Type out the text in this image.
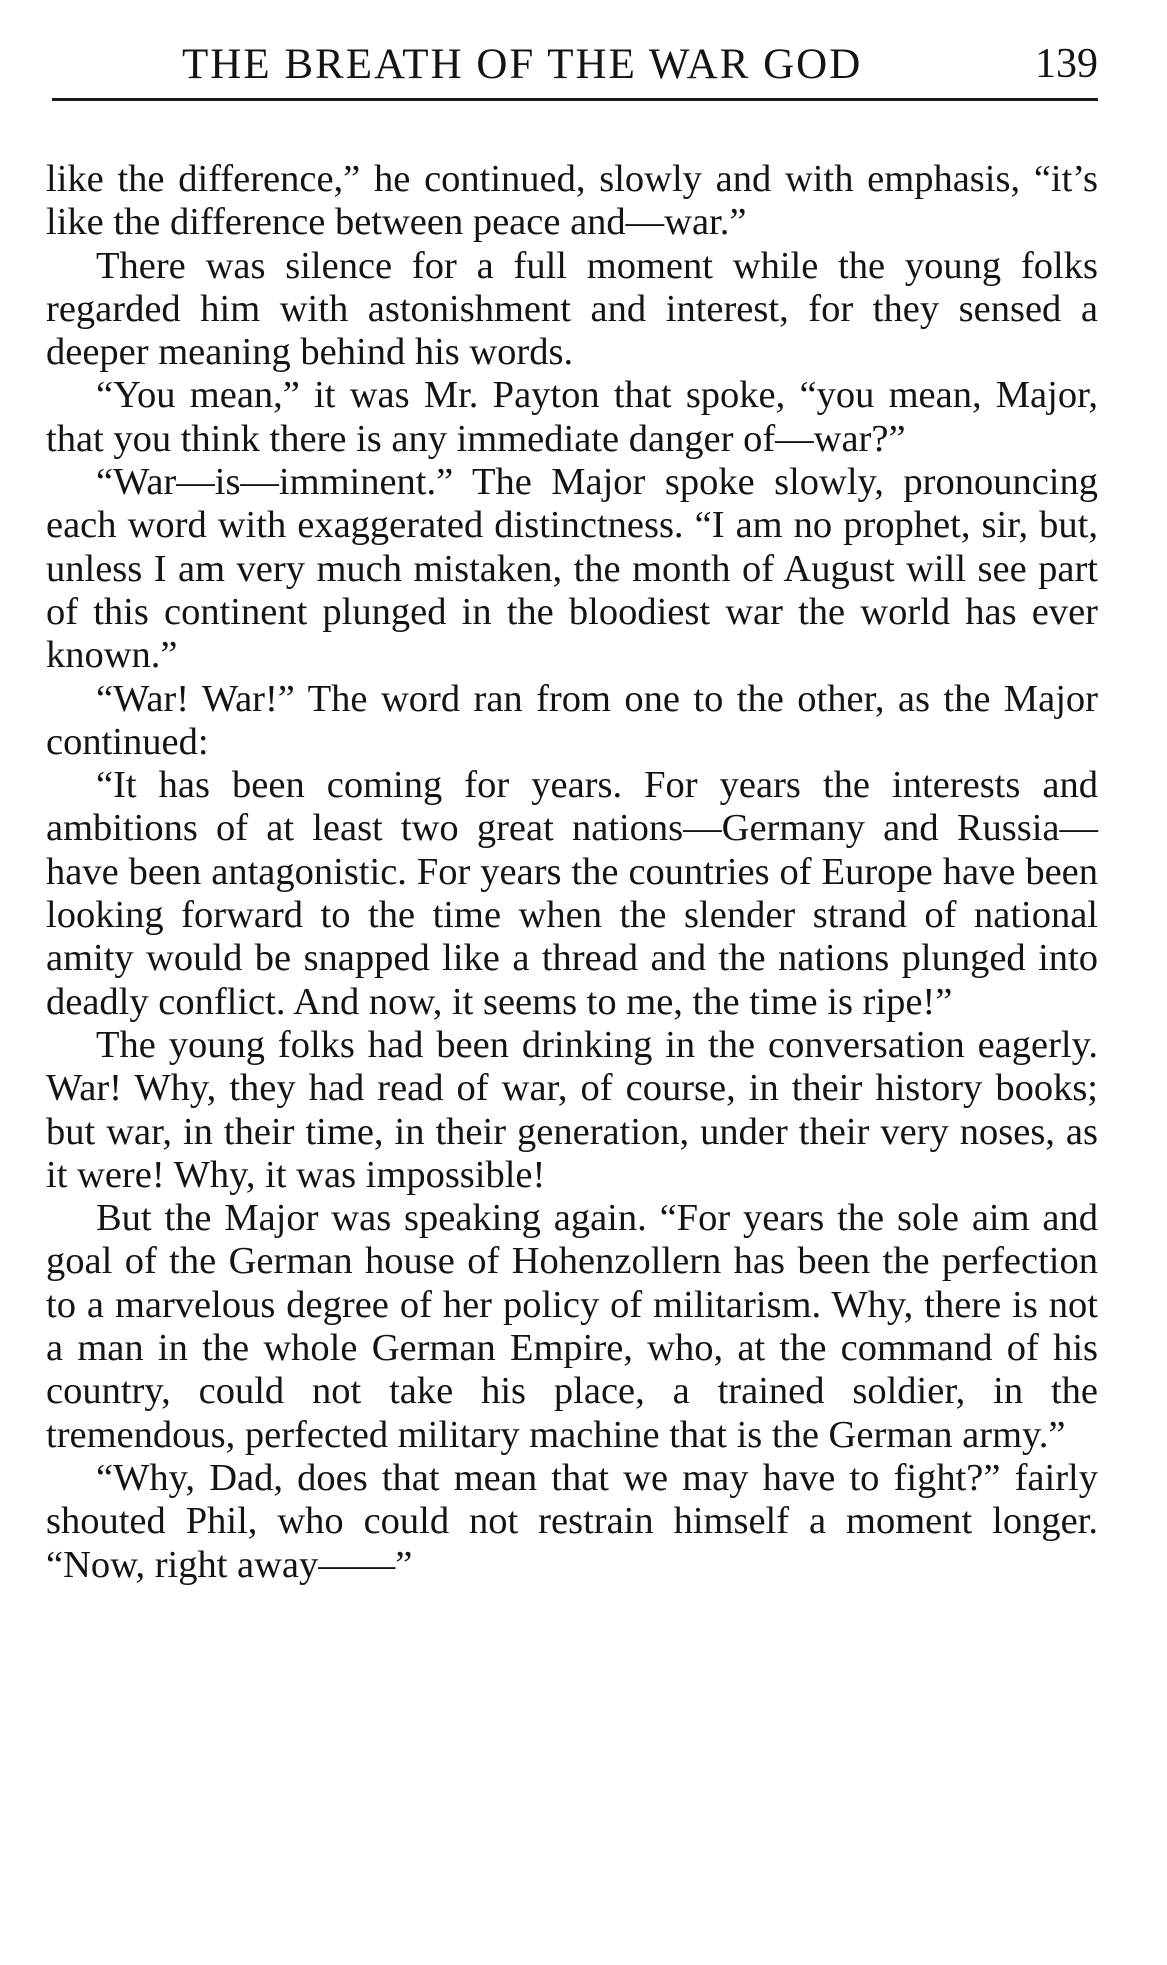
THE BREATH OF THE WAR GOD	139

like the difference,” he continued, slowly and with emphasis, “it’s like the difference between peace and—war.”

There was silence for a full moment while the young folks regarded him with astonishment and interest, for they sensed a deeper meaning behind his words.

“You mean,” it was Mr. Payton that spoke, “you mean, Major, that you think there is any immediate danger of—war?”

“War—is—imminent.” The Major spoke slowly, pronouncing each word with exaggerated distinctness. “I am no prophet, sir, but, unless I am very much mistaken, the month of August will see part of this continent plunged in the bloodiest war the world has ever known.”

“War! War!” The word ran from one to the other, as the Major continued:

“It has been coming for years. For years the interests and ambitions of at least two great nations—Germany and Russia—have been antagonistic. For years the countries of Europe have been looking forward to the time when the slender strand of national amity would be snapped like a thread and the nations plunged into deadly conflict. And now, it seems to me, the time is ripe!”

The young folks had been drinking in the conversation eagerly. War! Why, they had read of war, of course, in their history books; but war, in their time, in their generation, under their very noses, as it were! Why, it was impossible!

But the Major was speaking again. “For years the sole aim and goal of the German house of Hohenzollern has been the perfection to a marvelous degree of her policy of militarism. Why, there is not a man in the whole German Empire, who, at the command of his country, could not take his place, a trained soldier, in the tremendous, perfected military machine that is the German army.”

“Why, Dad, does that mean that we may have to fight?” fairly shouted Phil, who could not restrain himself a moment longer. “Now, right away——”
